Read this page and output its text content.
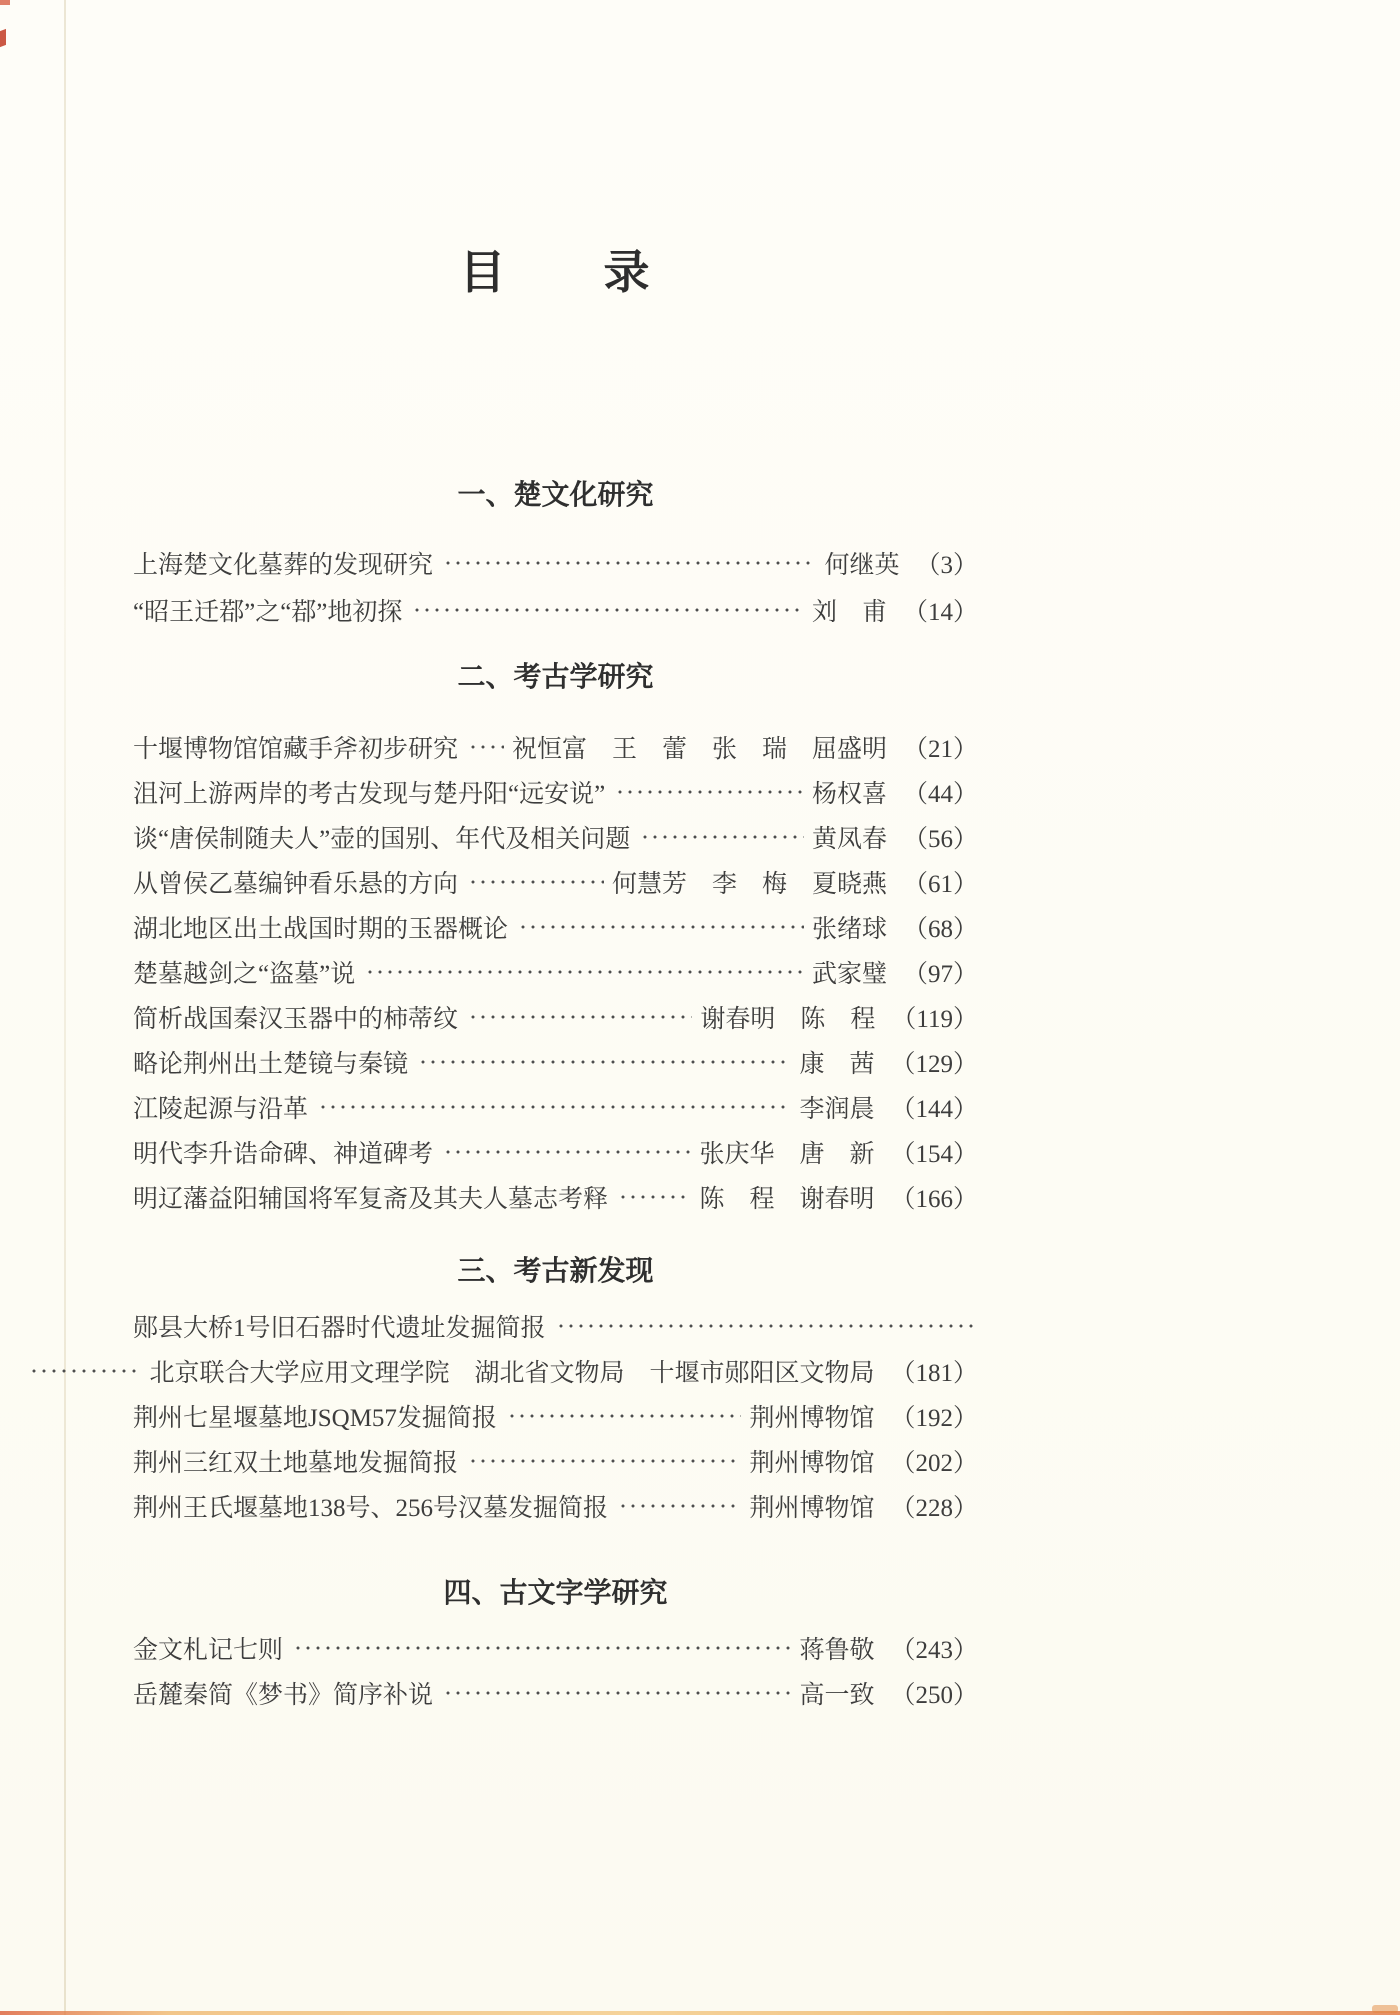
目　　录
一、楚文化研究
上海楚文化墓葬的发现研究	何继英 （3）
“昭王迁鄀”之“鄀”地初探	刘　甫 （14）
二、考古学研究
十堰博物馆馆藏手斧初步研究 祝恒富　王　蕾　张　瑞　屈盛明 （21）
沮河上游两岸的考古发现与楚丹阳“远安说”	杨权喜 （44）
谈“唐侯制随夫人”壶的国别、年代及相关问题	黄凤春 （56）
从曾侯乙墓编钟看乐悬的方向	何慧芳　李　梅　夏晓燕 （61）
湖北地区出土战国时期的玉器概论	张绪球 （68）
楚墓越剑之“盗墓”说	武家璧 （97）
简析战国秦汉玉器中的柿蒂纹	谢春明　陈　程 （119）
略论荆州出土楚镜与秦镜	康　茜 （129）
江陵起源与沿革	李润晨 （144）
明代李升诰命碑、神道碑考	张庆华　唐　新 （154）
明辽藩益阳辅国将军复斋及其夫人墓志考释	陈　程　谢春明 （166）
三、考古新发现
郧县大桥1号旧石器时代遗址发掘简报
北京联合大学应用文理学院　湖北省文物局　十堰市郧阳区文物局 （181）
荆州七星堰墓地JSQM57发掘简报	荆州博物馆 （192）
荆州三红双土地墓地发掘简报	荆州博物馆 （202）
荆州王氏堰墓地138号、256号汉墓发掘简报	荆州博物馆 （228）
四、古文字学研究
金文札记七则	蒋鲁敬 （243）
岳麓秦简《梦书》简序补说	高一致 （250）
